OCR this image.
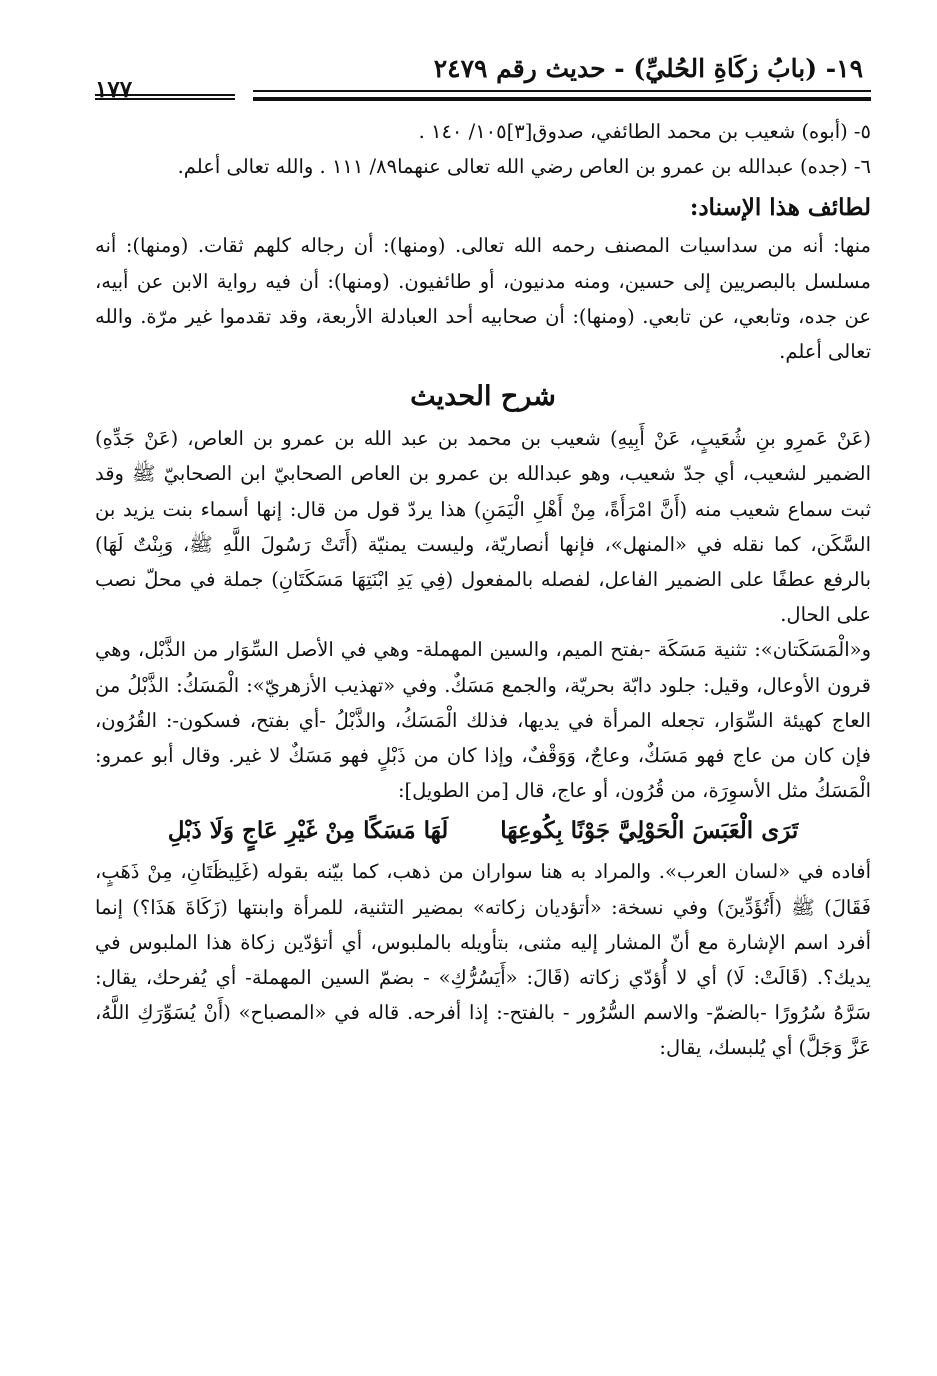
١٩- (بابُ زكَاةِ الحُليِّ) - حديث رقم ٢٤٧٩
١٧٧

٥- (أبوه) شعيب بن محمد الطائفي، صدوق[٣]١٠٥/ ١٤٠ .

٦- (جده) عبدالله بن عمرو بن العاص رضي الله تعالى عنهما٨٩/ ١١١ . والله تعالى أعلم.

لطائف هذا الإسناد:

منها: أنه من سداسيات المصنف رحمه الله تعالى. (ومنها): أن رجاله كلهم ثقات. (ومنها): أنه مسلسل بالبصريين إلى حسين، ومنه مدنيون، أو طائفيون. (ومنها): أن فيه رواية الابن عن أبيه، عن جده، وتابعي، عن تابعي. (ومنها): أن صحابيه أحد العبادلة الأربعة، وقد تقدموا غير مرّة. والله تعالى أعلم.

شرح الحديث

(عَنْ عَمرِو بنِ شُعَيبٍ، عَنْ أَبِيهِ) شعيب بن محمد بن عبد الله بن عمرو بن العاص، (عَنْ جَدِّهِ) الضمير لشعيب، أي جدّ شعيب، وهو عبدالله بن عمرو بن العاص الصحابيّ ابن الصحابيّ ﷺ وقد ثبت سماع شعيب منه (أَنَّ امْرَأَةً، مِنْ أَهْلِ الْيَمَنِ) هذا يردّ قول من قال: إنها أسماء بنت يزيد بن السَّكَن، كما نقله في «المنهل»، فإنها أنصاريّة، وليست يمنيّة (أَتَتْ رَسُولَ اللَّهِ ﷺ، وَبِنْتٌ لَهَا) بالرفع عطفًا على الضمير الفاعل، لفصله بالمفعول (فِي يَدِ ابْنَتِهَا مَسَكَتَانِ) جملة في محلّ نصب على الحال.

و«الْمَسَكَتان»: تثنية مَسَكَة -بفتح الميم، والسين المهملة- وهي في الأصل السِّوَار من الذَّبْل، وهي قرون الأوعال، وقيل: جلود دابّة بحريّة، والجمع مَسَكٌ. وفي «تهذيب الأزهريّ»: الْمَسَكُ: الذَّبْلُ من العاج كهيئة السِّوَار، تجعله المرأة في يديها، فذلك الْمَسَكُ، والذَّبْلُ -أي بفتح، فسكون-: القُرُون، فإن كان من عاج فهو مَسَكٌ، وعاجٌ، وَوَقْفٌ، وإذا كان من ذَبْلٍ فهو مَسَكٌ لا غير. وقال أبو عمرو: الْمَسَكُ مثل الأسوِرَة، من قُرُون، أو عاج، قال [من الطويل]:

تَرَى الْعَبَسَ الْحَوْلِيَّ جَوْنًا بِكُوعِهَا لَهَا مَسَكًا مِنْ غَيْرِ عَاجٍ وَلَا ذَبْلِ

أفاده في «لسان العرب». والمراد به هنا سواران من ذهب، كما بيّنه بقوله (غَلِيظَتَانِ، مِنْ ذَهَبٍ، فَقَالَ) ﷺ (أَتُؤَدِّينَ) وفي نسخة: «أتؤديان زكاته» بمضير التثنية، للمرأة وابنتها (زَكَاةَ هَذَا؟) إنما أفرد اسم الإشارة مع أنّ المشار إليه مثنى، بتأويله بالملبوس، أي أتؤدّين زكاة هذا الملبوس في يديك؟. (قَالَتْ: لَا) أي لا أُؤدّي زكاته (قَالَ: «أَيَسُرُّكِ» - بضمّ السين المهملة- أي يُفرحك، يقال: سَرَّهُ سُرُورًا -بالضمّ- والاسم السُّرُور - بالفتح-: إذا أفرحه. قاله في «المصباح» (أَنْ يُسَوِّرَكِ اللَّهُ، عَزَّ وَجَلَّ) أي يُلبسك، يقال:
